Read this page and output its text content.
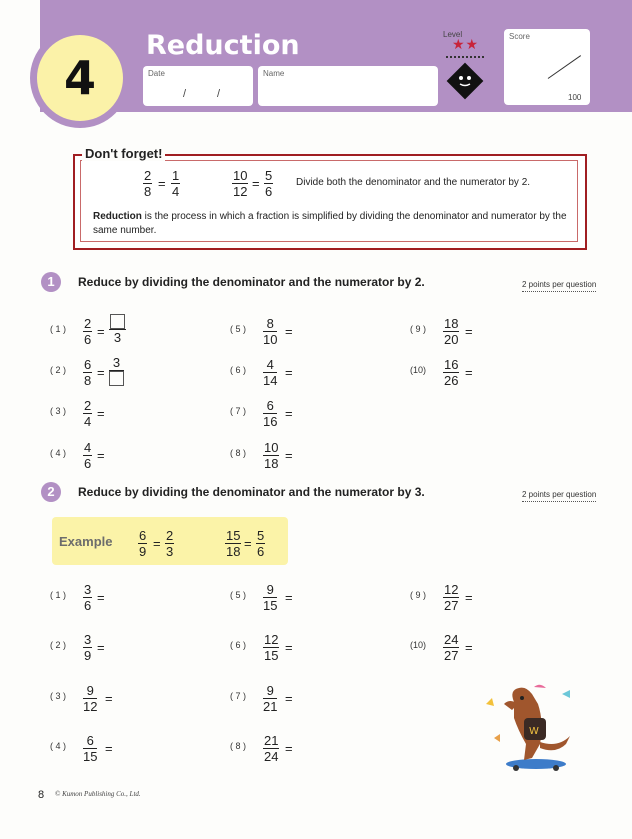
4
Reduction
Date
/	/
Name
Level
★★	Score
100
Don't forget!
$\frac{2}{8} = \frac{1}{4}$	$\frac{10}{12} = \frac{5}{6}$ Divide both the denominator and the numerator by 2.
Reduction is the process in which a fraction is simplified by dividing the denominator and numerator by the same number.
1	Reduce by dividing the denominator and the numerator by 2.	2 points per question
( 1 ) $\frac{2}{6} = 3$
( 2 ) $\frac{6}{8}$ =
3
( 3 ) $\frac{2}{4}$ =
( 4 ) $\frac{4}{6}$ =
( 5 ) $\frac{8}{10}$ =
( 6 ) $\frac{4}{14}$ =
( 7 ) $\frac{6}{16}$ =
( 8 ) $\frac{10}{18}$ =
( 9 ) $\frac{18}{20}$ =
$(10) \frac{16}{26}$ =
2	Reduce by dividing the denominator and the numerator by 3.	2 points per question
Example $\frac{6}{9} = \frac{2}{3}$	$\frac{15}{18} = \frac{5}{6}$
( 1 ) $\frac{3}{6}$ =
( 2 ) $\frac{3}{9}$ =
( 3 ) $\frac{9}{12}$ =
( 4 ) $\frac{6}{15}$ =
( 5 ) $\frac{9}{15}$ =
( 6 ) $\frac{12}{15}$ =
( 7 ) $\frac{9}{21}$ =
( 8 ) $\frac{21}{24}$ =
( 9 ) $\frac{12}{27}$ =
$(10) \frac{24}{27}$ =
W
8 © Kumon Publishing Co., Ltd.
